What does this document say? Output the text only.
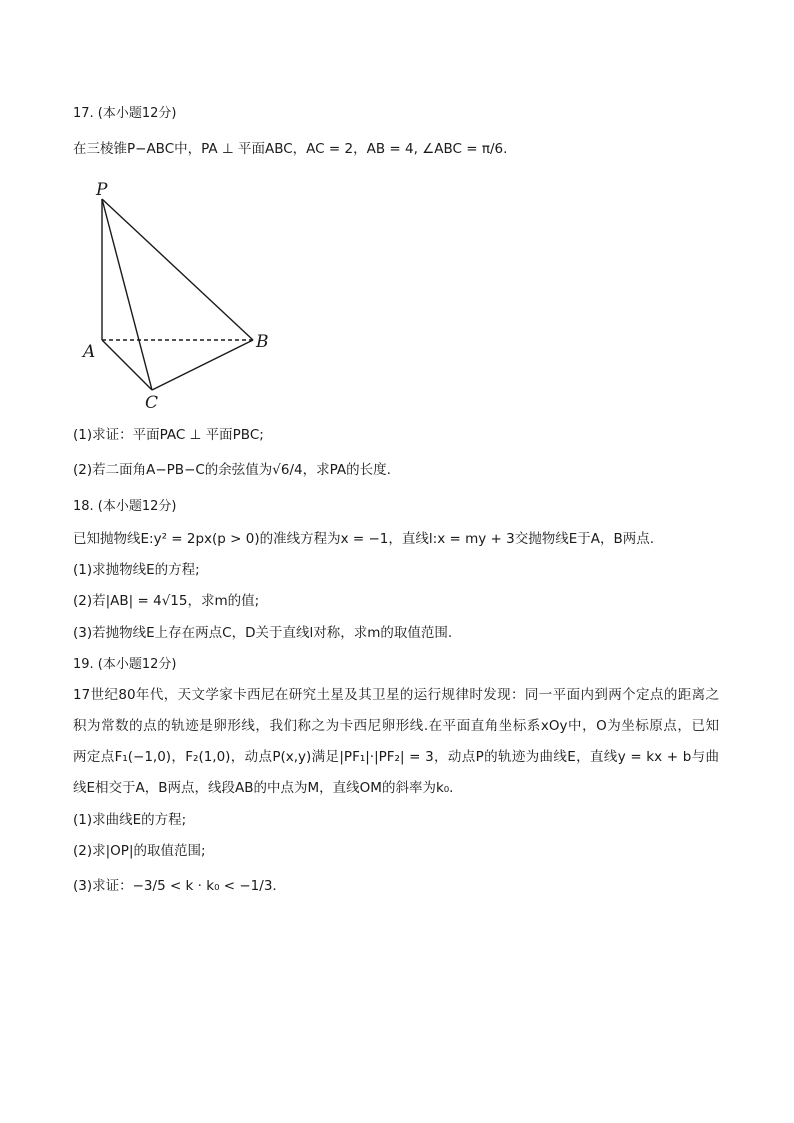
17. (本小题12分)
在三棱锥P−ABC中，PA ⊥ 平面ABC，AC = 2，AB = 4, ∠ABC = π/6.
P
A	B
C
(1)求证：平面PAC ⊥ 平面PBC;
(2)若二面角A−PB−C的余弦值为√6/4，求PA的长度.
18. (本小题12分)
已知抛物线E:y² = 2px(p > 0)的准线方程为x = −1，直线l:x = my + 3交抛物线E于A，B两点.
(1)求抛物线E的方程;
(2)若|AB| = 4√15，求m的值;
(3)若抛物线E上存在两点C，D关于直线l对称，求m的取值范围.
19. (本小题12分)
17世纪80年代，天文学家卡西尼在研究土星及其卫星的运行规律时发现：同一平面内到两个定点的距离之
积为常数的点的轨迹是卵形线，我们称之为卡西尼卵形线.在平面直角坐标系xOy中，O为坐标原点，已知
两定点F₁(−1,0)，F₂(1,0)，动点P(x,y)满足|PF₁|·|PF₂| = 3，动点P的轨迹为曲线E，直线y = kx + b与曲
线E相交于A，B两点，线段AB的中点为M，直线OM的斜率为k₀.
(1)求曲线E的方程;
(2)求|OP|的取值范围;
(3)求证：−3/5 < k · k₀ < −1/3.
